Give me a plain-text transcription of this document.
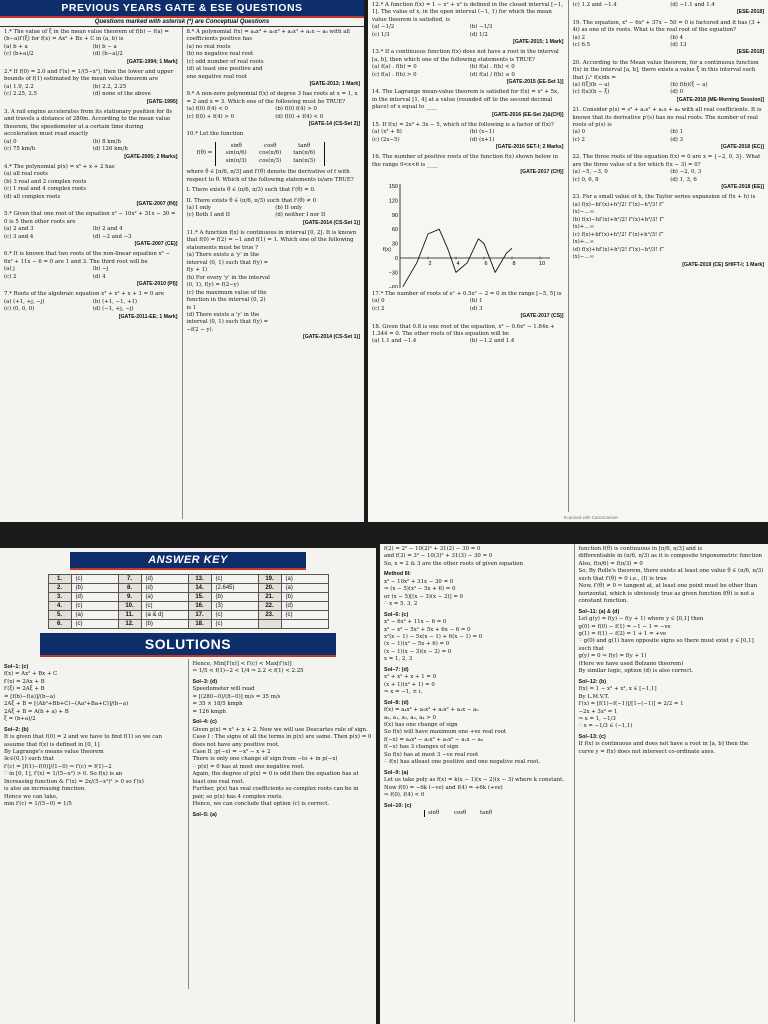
PREVIOUS YEARS GATE & ESE QUESTIONS
Questions marked with asterisk (*) are Conceptual Questions
1.* The value of ξ in the mean value theorem of f(b) − f(a) = (b−a)f′(ξ) for f(x) = Ax² + Bx + C in (a, b) is
(a) b + a	(b) b − a
(c) (b+a)/2	(d) (b−a)/2
[GATE-1994; 1 Mark]
2.* If f(0) = 2.0 and f′(x) = 1/(5−x²), then the lower and upper bounds of f(1) estimated by the mean value theorem are
(a) 1.9, 2.2	(b) 2.2, 2.25
(c) 2.25, 2.5	(d) none of the above
[GATE-1995]
3. A rail engine accelerates from its stationary position for 8s and travels a distance of 280m. According to the mean value theorem, the speedometer at a certain time during acceleration must read exactly
(a) 0	(b) 8 km/h
(c) 75 km/h	(d) 126 km/h
[GATE-2005; 2 Marks]
4.* The polynomial p(x) = x⁵ + x + 2 has
(a) all real roots
(b) 3 real and 2 complex roots
(c) 1 real and 4 complex roots
(d) all complex roots
[GATE-2007 (IN)]
5.* Given that one root of the equation x³ − 10x² + 31x − 30 = 0 is 5 then other roots are
(a) 2 and 3	(b) 2 and 4
(c) 3 and 4	(d) −2 and −3
[GATE-2007 (CE)]
6.* It is known that two roots of the non-linear equation x³ − 6x² + 11x − 6 = 0 are 1 and 3. The third root will be
(a) j	(b) −j
(c) 2	(d) 4
[GATE-2010 (PI)]
7.* Roots of the algebraic equation x³ + x² + x + 1 = 0 are
(a) (+1, +j, −j)	(b) (+1, −1, +1)
(c) (0, 0, 0)	(d) (−1, +j, −j)
[GATE-2011-EE; 1 Mark]
8.* A polynomial f(x) = a₄x⁴ + a₃x³ + a₂x² + a₁x − a₀ with all coefficients positive has
(a) no real roots
(b) no negative real root
(c) odd number of real roots
(d) at least one positive and one negative real root
[GATE-2013; 1 Mark]
9.* A non-zero polynomial f(x) of degree 3 has roots at x = 1, x = 2 and x = 3. Which one of the following must be TRUE?
(a) f(0) f(4) < 0	(b) f(0) f(4) > 0
(c) f(0) + f(4) > 0	(d) f(0) + f(4) < 0
[GATE-14 (CS-Set 2)]
10.* Let the function
f(θ) =
sinθ	cosθ	tanθ
sin(π/6)	cos(π/6)	tan(π/6)
sin(π/3)	cos(π/3)	tan(π/3)
where θ ∈ [π/6, π/3] and f′(θ) denote the derivative of f with respect to θ. Which of the following statements is/are TRUE?
I. There exists θ ∈ (π/6, π/3) such that f′(θ) = 0.
II. There exists θ ∈ (π/6, π/3) such that f′(θ) ≠ 0
(a) I only	(b) II only
(c) Both I and II	(d) neither I nor II
[GATE-2014 (CS-Set 1)]
11.* A function f(x) is continuous in interval [0, 2]. It is known that f(0) = f(2) = −1 and f(1) = 1. Which one of the following statements must be true ?
(a) There exists a 'y' in the interval (0, 1) such that f(y) = f(y + 1)
(b) For every 'y' in the interval (0, 1), f(y) = f(2−y)
(c) the maximum value of the function in the interval (0, 2) is 1
(d) There exists a 'y' in the interval (0, 1) such that f(y) = −f(2 − y).
[GATE-2014 (CS-Set 1)]
12.* A function f(x) = 1 − x² + x³ is defined in the closed interval [−1, 1]. The value of x, in the open interval (−1, 1) for which the mean value theorem is satisfied, is
(a) −1/2	(b) −1/3
(c) 1/3	(d) 1/2
[GATE-2015; 1 Mark]
13.* If a continuous function f(x) does not have a root in the interval [a, b], then which one of the following statements is TRUE?
(a) f(a) . f(b) = 0	(b) f(a) . f(b) < 0
(c) f(a) . f(b) > 0	(d) f(a) / f(b) ≤ 0
[GATE-2015 (EE-Set 1)]
14. The Lagrange mean-value theorem is satisfied for f(x) = x³ + 5x, in the interval [1, 4] at a value (rounded off to the second decimal place) of x equal to ____
[GATE-2016 (EE-Set 2)&(CH)]
15. If f(x) = 2x³ + 3x − 5, which of the following is a factor of f(x)?
(a) (x³ + 8)	(b) (x−1)
(c) (2x−5)	(d) (x+1)
[GATE-2016 SET-I; 2 Marks]
16. The number of positive roots of the function f(x) shown below in the range 0<x<6 is ____
[GATE-2017 (CH)]
150
120
90
60
30
0
−30
−60
2	4	6	8	10
f(x)
17.* The number of roots of eˣ + 0.5x² − 2 = 0 in the range [−5, 5] is
(a) 0	(b) 1
(c) 2	(d) 3
[GATE-2017 (CS)]
18. Given that 0.8 is one root of the equation, x³ − 0.6x² − 1.84x + 1.344 = 0. The other roots of this equation will be
(a) 1.1 and −1.4	(b) −1.2 and 1.4
(c) 1.2 and −1.4	(d) −1.1 and 1.4
[ESE-2018]
19. The equation, x³ − 6x² + 37x − 50 = 0 is factored and it has (3 + 4i) as one of its roots. What is the real root of the equation?
(a) 2	(b) 4
(c) 6.5	(d) 13
[ESE-2018]
20. According to the Mean value theorem, for a continuous function f(x) in the interval [a, b], there exists a value ξ in this interval such that ∫ₐᵇ f(x)dx =
(a) f(ξ)(b − a)	(b) f(b)(ξ − a)
(c) f(a)(b − ξ)	(d) 0
[GATE-2018 (ME-Morning Session)]
21. Consider p(s) = s³ + a₂s² + a₁s + a₀ with all real coefficients. It is known that its derivative p′(s) has no real roots. The number of real roots of p(s) is
(a) 0	(b) 1
(c) 2	(d) 3
[GATE-2018 (EC)]
22. The three roots of the equation f(x) = 0 are x = {−2, 0, 3}. What are the three value of x for which f(x − 3) = 0?
(a) −5, −3, 0	(b) −2, 0, 3
(c) 0, 6, 8	(d) 1, 3, 6
[GATE-2018 (EE)]
23. For a small value of h, the Taylor series expansion of f(x + h) is
(a) f(x)−hf′(x)+h²/2! f″(x)−h³/3! f‴(x)−…∞
(b) f(x)−hf′(x)+h²/2! f″(x)+h³/3! f‴(x)+…∞
(c) f(x)+hf′(x)+h²/2! f″(x)+h³/3! f‴(x)+…∞
(d) f(x)+hf′(x)+h²/2! f″(x)−h³/3! f‴(x)−…∞
[GATE-2019 (CE) SHIFT-I; 1 Mark]
Scanned with CamScanner
ANSWER KEY
1.	(c)	7.	(d)	13.	(c)	19.	(a)
2.	(b)	8.	(d)	14.	(2.645)	20.	(a)
3.	(d)	9.	(a)	15.	(b)	21.	(b)
4.	(c)	10.	(c)	16.	(3)	22.	(d)
5.	(a)	11.	(a & d)	17.	(c)	23.	(c)
6.	(c)	12.	(b)	18.	(c)		
SOLUTIONS
Sol–1: (c)
f(x) = Ax² + Bx + C
f′(x) = 2Ax + B
f′(ξ) = 2Aξ + B
= [f(b)−f(a)]/(b−a)
2Aξ + B = [(Ab²+Bb+C)−(Aa²+Ba+C)]/(b−a)
2Aξ + B = A(b + a) + B
ξ = (b+a)/2
Sol–2: (b)
It is given that f(0) = 2 and we have to find f(1) so we can assume that f(x) is defined in [0, 1]
By Lagrange's means value theorem
∃c∈(0,1) such that
f′(c) = [f(1)−f(0)]/(1−0) ⇒ f′(c) = f(1)−2
∵ in [0, 1], f′(x) = 1/(5−x²) > 0. So f(x) is an
Increasing function & f″(x) = 2x/(5−x²)² > 0 so f′(x)
is also an increasing function.
Hence we can take,
min f′(c) = 1/(5−0) = 1/5
Hence, Min[f′(x)] < f′(c) < Max[f′(x)]
⇒ 1/5 < f(1)−2 < 1/4 ⇒ 2.2 < f(1) < 2.25
Sol–3: (d)
Speedometer will read
= [(280−0)/(8−0)] m/s = 35 m/s
= 35 × 18/5 kmph
= 126 kmph
Sol–4: (c)
Given p(x) = x⁵ + x + 2. Now we will use Descartes rule of sign.
Case I : The signs of all the terms in p(x) are same. Then p(x) = 0 does not have any positive root.
Case II :p(−x) = −x⁵ − x + 2
There is only one change of sign from −to + in p(−x)
∴ p(x) = 0 has at most one negative root.
Again, the degree of p(x) = 0 is odd then the equation has at least one real root.
Further, p(x) has real coefficients so complex roots can be in pair, so p(x) has 4 complex roots.
Hence, we can conclude that option (c) is correct.
Sol–5: (a)
f(2) = 2³ − 10(2)² + 31(2) − 30 = 0
and f(3) = 3³ − 10(3)² + 31(3) − 30 = 0
So, x = 2 & 3 are the other roots of given equation
Method III:
x³ − 10x² + 31x − 30 = 0
⇒ (x − 5)(x² − 5x + 6) = 0
or (x − 5)[(x − 3)(x − 2)] = 0
∴ x = 5, 3, 2
Sol–6: (c)
x³ − 6x² + 11x − 6 = 0
x³ − x² − 5x² + 5x + 6x − 6 = 0
x²(x − 1) − 5x(x − 1) + 6(x − 1) = 0
(x − 1)(x² − 5x + 6) = 0
(x − 1)(x − 3)(x − 2) = 0
x = 1, 2, 3
Sol–7: (d)
x³ + x² + x + 1 = 0
(x + 1)(x² + 1) = 0
⇒ x = −1, ± i.
Sol–8: (d)
f(x) = a₄x⁴ + a₃x³ + a₂x² + a₁x − a₀
a₀, a₁, a₂, a₃, a₄ > 0
f(x) has one change of sign
So f(x) will have maximum one +ve real root
f(−x) = a₄x⁴ − a₃x³ + a₂x² − a₁x − a₀
f(−x) has 3 changes of sign
So f(x) has at most 3 −ve real root
∴ f(x) has atleast one positive and one negative real root.
Sol–9: (a)
Let us take poly as f(x) = k(x − 1)(x − 2)(x − 3) where k constant.
Now f(0) = −6k (−ve) and f(4) = +6k (+ve)
⇒ f(0). f(4) < 0
Sol–10: (c)
sinθ	cosθ	tanθ
function f(θ) is continuous in [π/6, π/3] and is
differentiable in (π/6, π/3) as it is composite trigonometric function
Also, f(π/6) = f(π/3) = 0
So, By Rolle's theorem, there exists at least one value θ ∈ (π/6, π/3) such that f′(θ) = 0 i.e., (I) is true
Now, f′(θ) ≠ 0 ⇒ tangent at, at least one point must be other than horizontal, which is obviously true as given function f(θ) is not a constant function.
Sol–11: (a) & (d)
Let g(y) = f(y) − f(y + 1) where y ∈ [0,1] then
g(0) = f(0) − f(1) = −1 − 1 = −ve
g(1) = f(1) − f(2) = 1 + 1 = +ve
∵ g(0) and g(1) have opposite signs so there must exist y ∈ [0,1] such that
g(y) = 0 ⇒ f(y) = f(y + 1)
(Here we have used Bolzano theorem)
By similar logic, option (d) is also correct.
Sol–12: (b)
f(x) = 1 − x² + x³, x ∈ [−1,1]
By L.M.V.T.
f′(x) = [f(1)−f(−1)]/[1−(−1)] = 2/2 = 1
−2x + 3x² = 1
⇒ x = 1, −1/3
∴ x = −1/3 ∈ (−1,1)
Sol–13: (c)
If f(x) is continuous and does not have a root in [a, b] then the curve y = f(x) does not intersect co-ordinate axes.
